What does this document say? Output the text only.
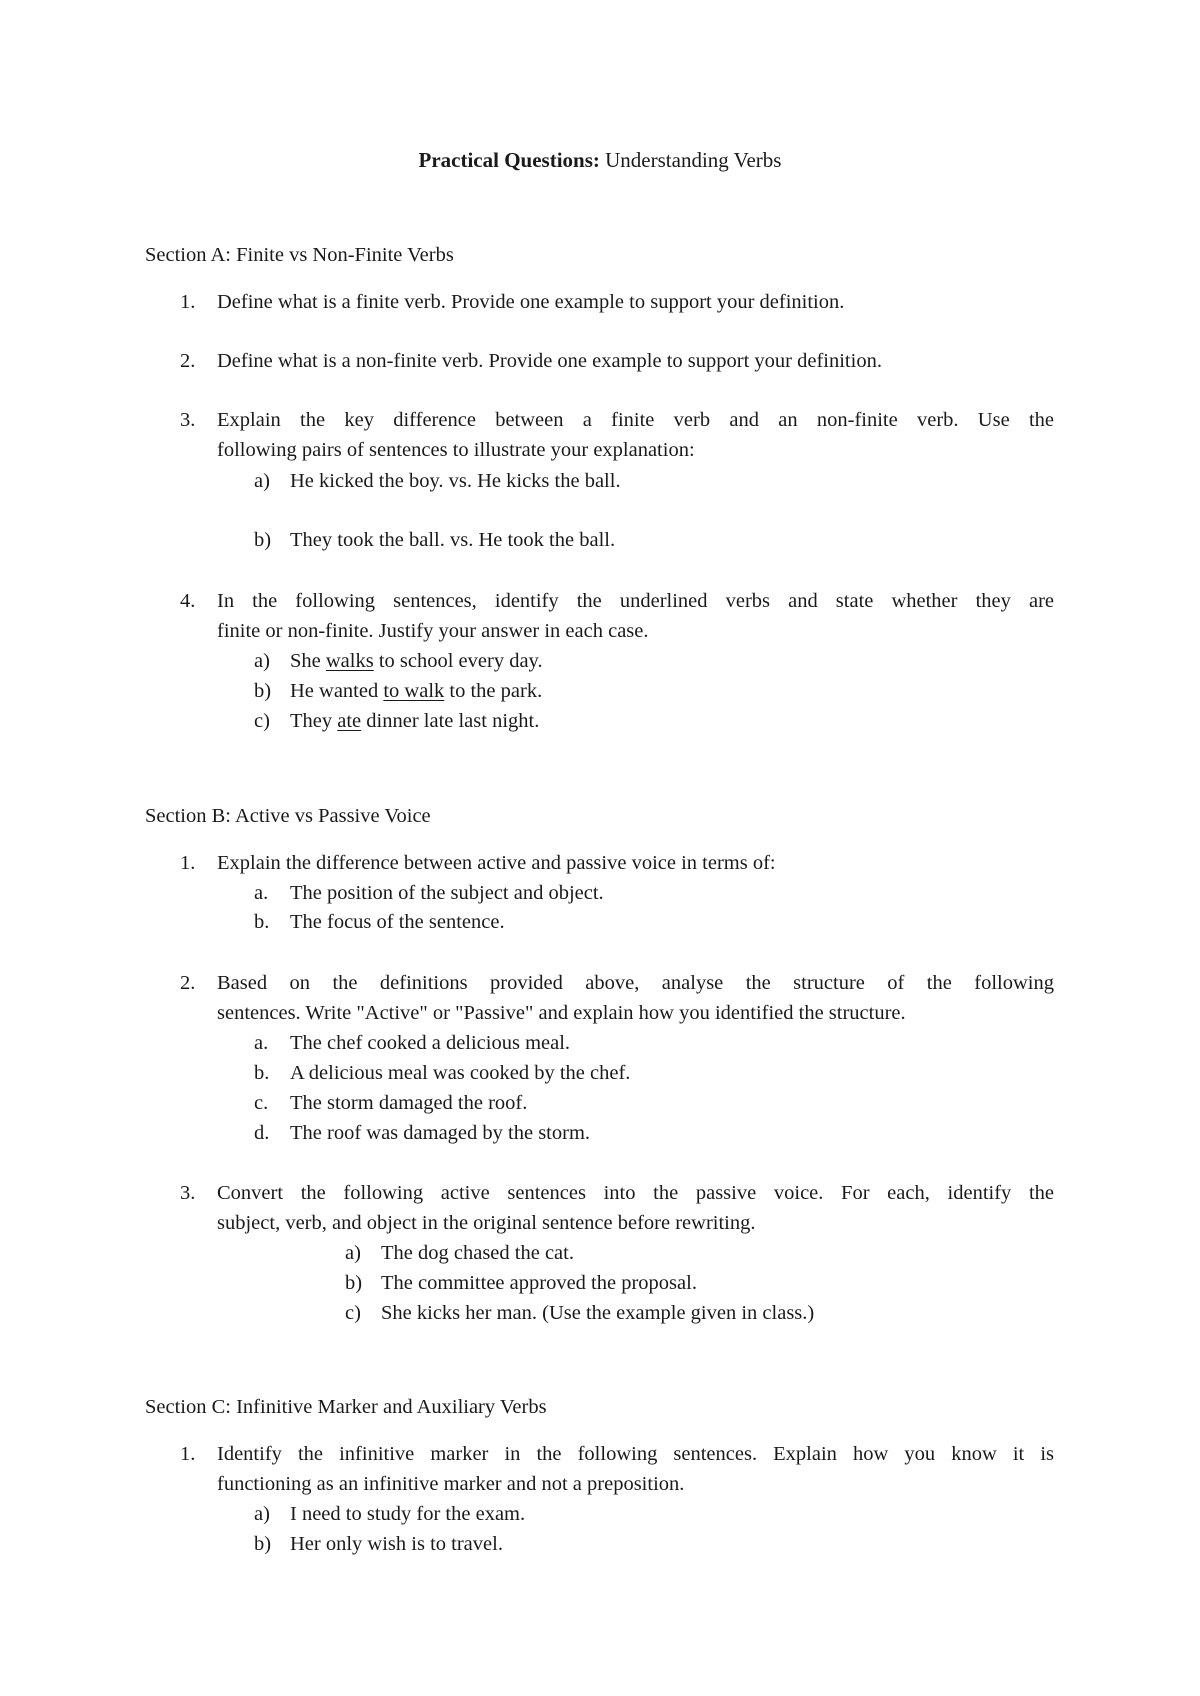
Practical Questions: Understanding Verbs
Section A: Finite vs Non-Finite Verbs
1. Define what is a finite verb. Provide one example to support your definition.
2. Define what is a non-finite verb. Provide one example to support your definition.
3. Explain the key difference between a finite verb and an non-finite verb. Use the
following pairs of sentences to illustrate your explanation:
a) He kicked the boy. vs. He kicks the ball.
b) They took the ball. vs. He took the ball.
4. In the following sentences, identify the underlined verbs and state whether they are
finite or non-finite. Justify your answer in each case.
a) She walks to school every day.
b) He wanted to walk to the park.
c) They ate dinner late last night.
Section B: Active vs Passive Voice
1. Explain the difference between active and passive voice in terms of:
a. The position of the subject and object.
b. The focus of the sentence.
2. Based on the definitions provided above, analyse the structure of the following
sentences. Write "Active" or "Passive" and explain how you identified the structure.
a. The chef cooked a delicious meal.
b. A delicious meal was cooked by the chef.
c. The storm damaged the roof.
d. The roof was damaged by the storm.
3. Convert the following active sentences into the passive voice. For each, identify the
subject, verb, and object in the original sentence before rewriting.
a) The dog chased the cat.
b) The committee approved the proposal.
c) She kicks her man. (Use the example given in class.)
Section C: Infinitive Marker and Auxiliary Verbs
1. Identify the infinitive marker in the following sentences. Explain how you know it is
functioning as an infinitive marker and not a preposition.
a) I need to study for the exam.
b) Her only wish is to travel.
